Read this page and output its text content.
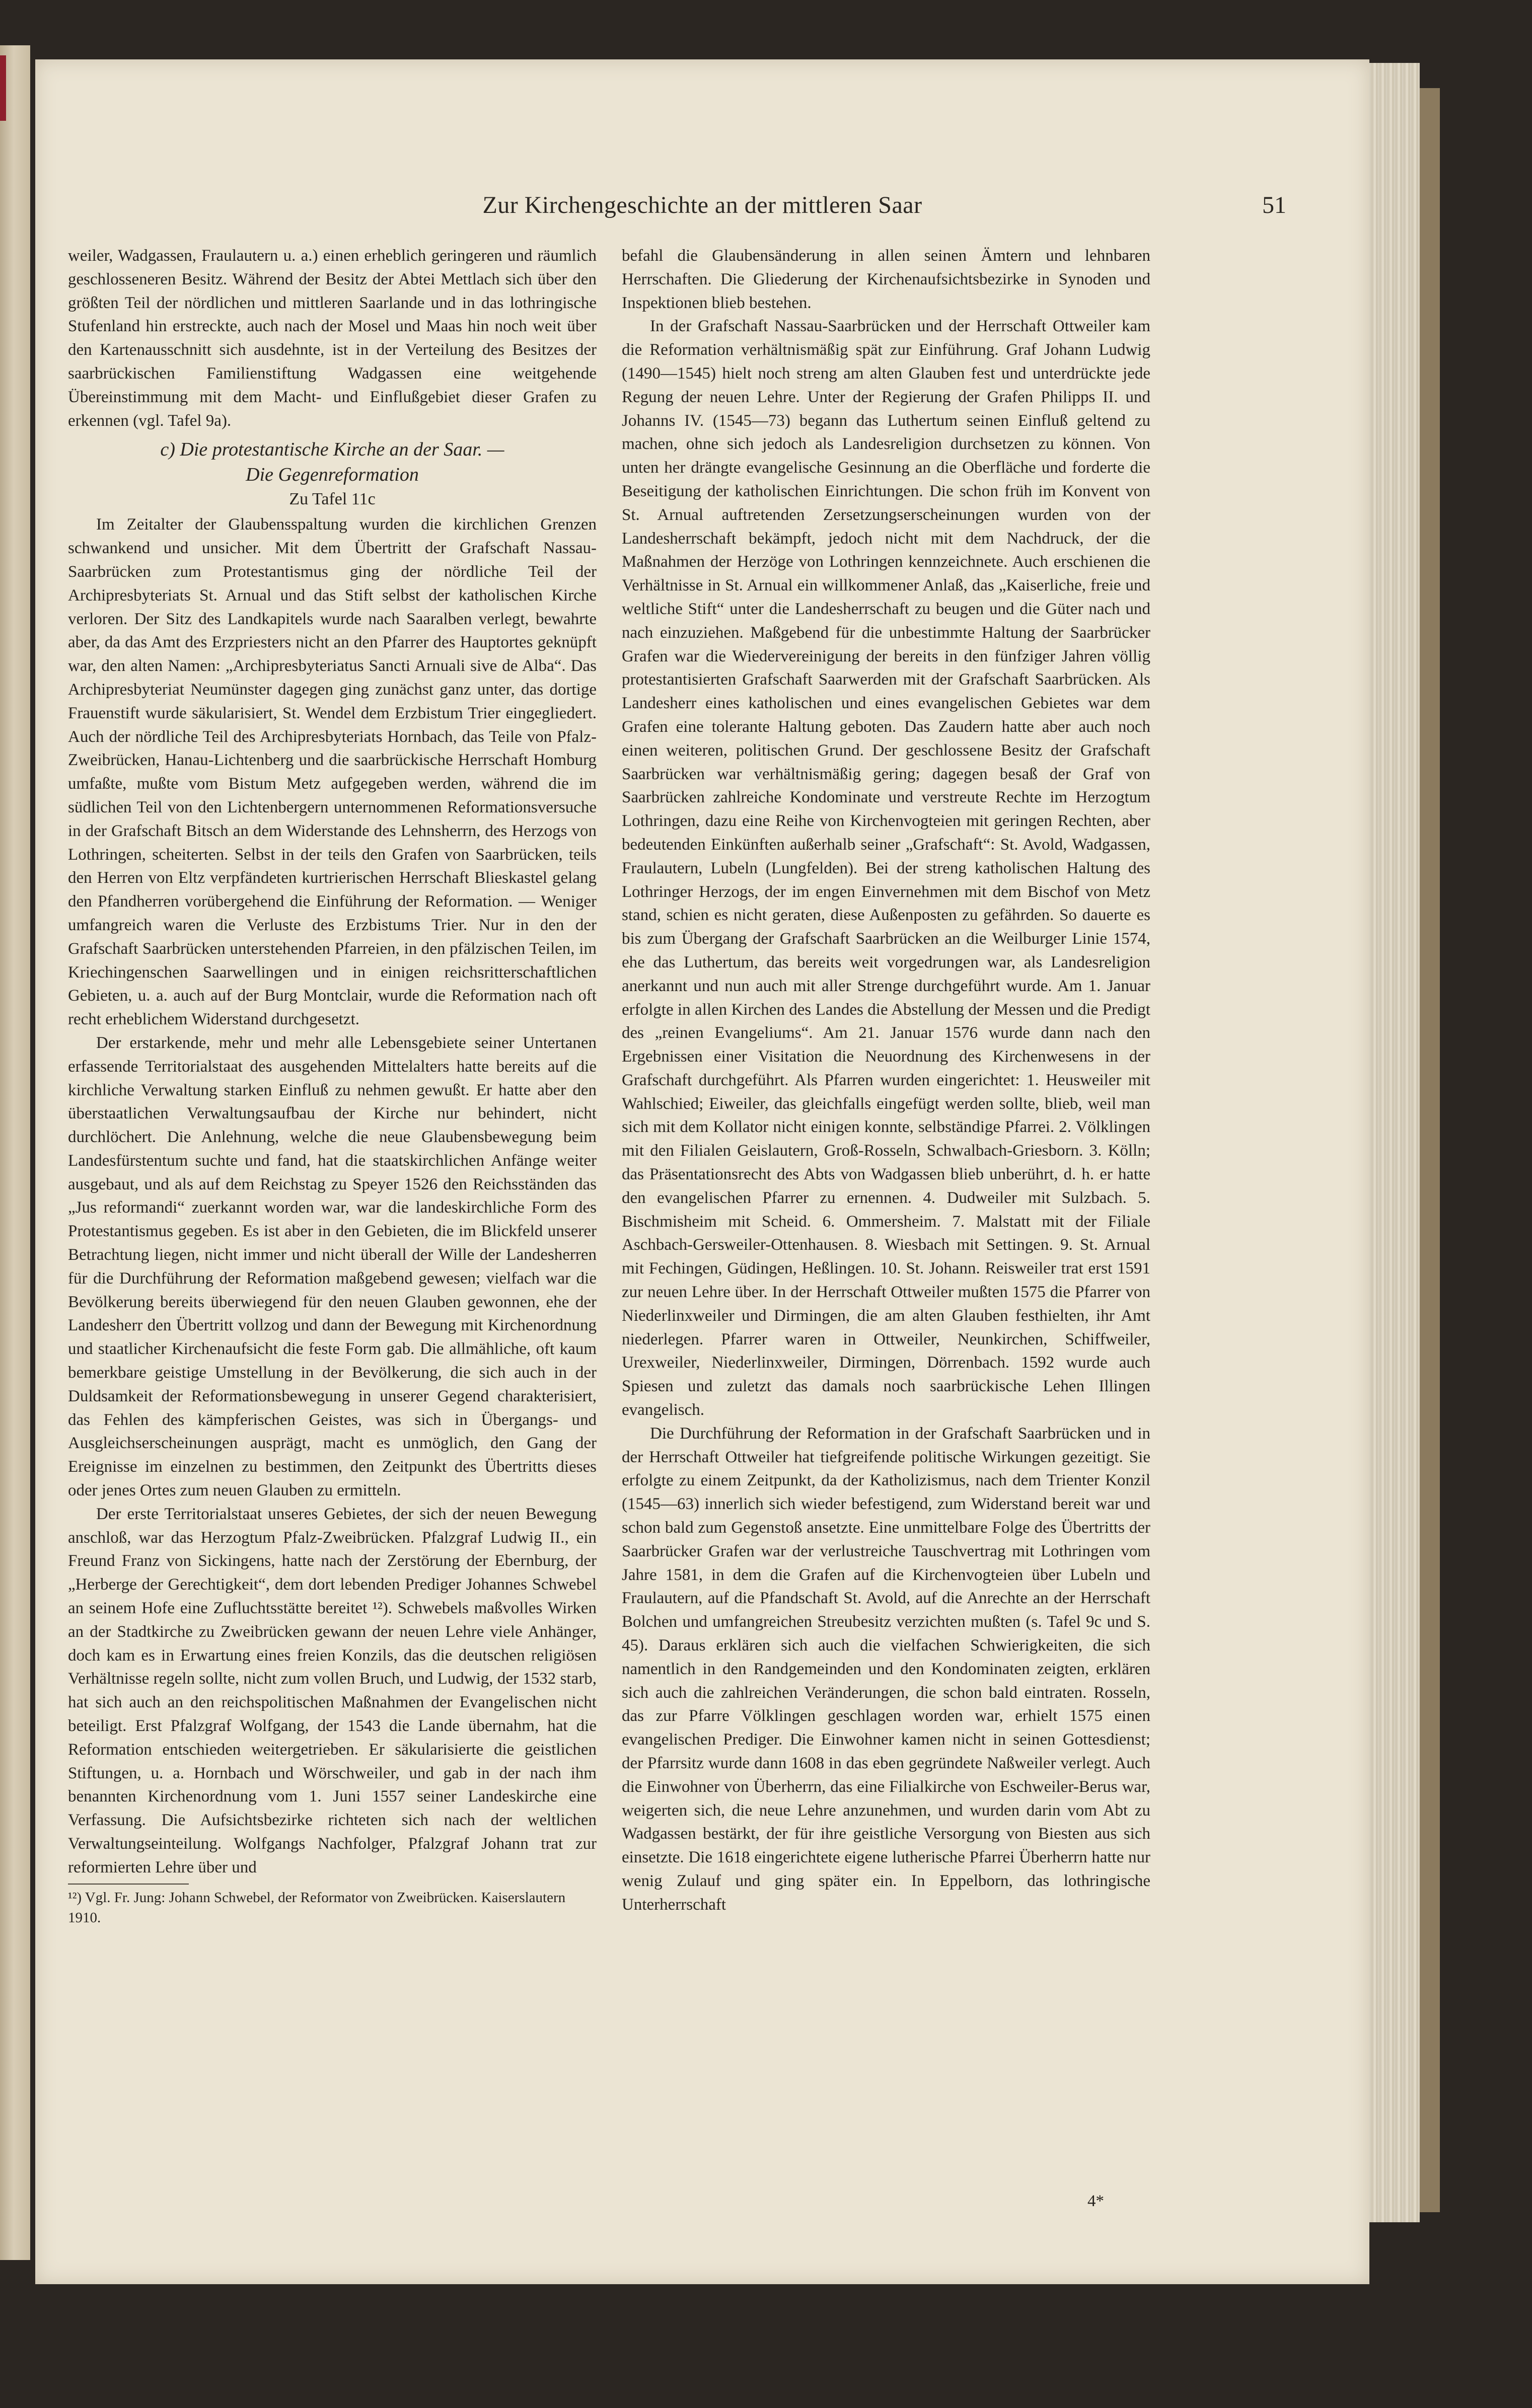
Zur Kirchengeschichte an der mittleren Saar	51

weiler, Wadgassen, Fraulautern u. a.) einen erheblich geringeren und räumlich geschlosseneren Besitz. Während der Besitz der Abtei Mettlach sich über den größten Teil der nördlichen und mittleren Saarlande und in das lothringische Stufenland hin erstreckte, auch nach der Mosel und Maas hin noch weit über den Kartenausschnitt sich ausdehnte, ist in der Verteilung des Besitzes der saarbrückischen Familienstiftung Wadgassen eine weitgehende Übereinstimmung mit dem Macht- und Einflußgebiet dieser Grafen zu erkennen (vgl. Tafel 9a).

c) Die protestantische Kirche an der Saar. —
Die Gegenreformation
Zu Tafel 11c

Im Zeitalter der Glaubensspaltung wurden die kirchlichen Grenzen schwankend und unsicher. Mit dem Übertritt der Grafschaft Nassau-Saarbrücken zum Protestantismus ging der nördliche Teil der Archipresbyteriats St. Arnual und das Stift selbst der katholischen Kirche verloren. Der Sitz des Landkapitels wurde nach Saaralben verlegt, bewahrte aber, da das Amt des Erzpriesters nicht an den Pfarrer des Hauptortes geknüpft war, den alten Namen: „Archipresbyteriatus Sancti Arnuali sive de Alba“. Das Archipresbyteriat Neumünster dagegen ging zunächst ganz unter, das dortige Frauenstift wurde säkularisiert, St. Wendel dem Erzbistum Trier eingegliedert. Auch der nördliche Teil des Archipresbyteriats Hornbach, das Teile von Pfalz-Zweibrücken, Hanau-Lichtenberg und die saarbrückische Herrschaft Homburg umfaßte, mußte vom Bistum Metz aufgegeben werden, während die im südlichen Teil von den Lichtenbergern unternommenen Reformationsversuche in der Grafschaft Bitsch an dem Widerstande des Lehnsherrn, des Herzogs von Lothringen, scheiterten. Selbst in der teils den Grafen von Saarbrücken, teils den Herren von Eltz verpfändeten kurtrierischen Herrschaft Blieskastel gelang den Pfandherren vorübergehend die Einführung der Reformation. — Weniger umfangreich waren die Verluste des Erzbistums Trier. Nur in den der Grafschaft Saarbrücken unterstehenden Pfarreien, in den pfälzischen Teilen, im Kriechingenschen Saarwellingen und in einigen reichsritterschaftlichen Gebieten, u. a. auch auf der Burg Montclair, wurde die Reformation nach oft recht erheblichem Widerstand durchgesetzt.

Der erstarkende, mehr und mehr alle Lebensgebiete seiner Untertanen erfassende Territorialstaat des ausgehenden Mittelalters hatte bereits auf die kirchliche Verwaltung starken Einfluß zu nehmen gewußt. Er hatte aber den überstaatlichen Verwaltungsaufbau der Kirche nur behindert, nicht durchlöchert. Die Anlehnung, welche die neue Glaubensbewegung beim Landesfürstentum suchte und fand, hat die staatskirchlichen Anfänge weiter ausgebaut, und als auf dem Reichstag zu Speyer 1526 den Reichsständen das „Jus reformandi“ zuerkannt worden war, war die landeskirchliche Form des Protestantismus gegeben. Es ist aber in den Gebieten, die im Blickfeld unserer Betrachtung liegen, nicht immer und nicht überall der Wille der Landesherren für die Durchführung der Reformation maßgebend gewesen; vielfach war die Bevölkerung bereits überwiegend für den neuen Glauben gewonnen, ehe der Landesherr den Übertritt vollzog und dann der Bewegung mit Kirchenordnung und staatlicher Kirchenaufsicht die feste Form gab. Die allmähliche, oft kaum bemerkbare geistige Umstellung in der Bevölkerung, die sich auch in der Duldsamkeit der Reformationsbewegung in unserer Gegend charakterisiert, das Fehlen des kämpferischen Geistes, was sich in Übergangs- und Ausgleichserscheinungen ausprägt, macht es unmöglich, den Gang der Ereignisse im einzelnen zu bestimmen, den Zeitpunkt des Übertritts dieses oder jenes Ortes zum neuen Glauben zu ermitteln.

Der erste Territorialstaat unseres Gebietes, der sich der neuen Bewegung anschloß, war das Herzogtum Pfalz-Zweibrücken. Pfalzgraf Ludwig II., ein Freund Franz von Sickingens, hatte nach der Zerstörung der Ebernburg, der „Herberge der Gerechtigkeit“, dem dort lebenden Prediger Johannes Schwebel an seinem Hofe eine Zufluchtsstätte bereitet ¹²). Schwebels maßvolles Wirken an der Stadtkirche zu Zweibrücken gewann der neuen Lehre viele Anhänger, doch kam es in Erwartung eines freien Konzils, das die deutschen religiösen Verhältnisse regeln sollte, nicht zum vollen Bruch, und Ludwig, der 1532 starb, hat sich auch an den reichspolitischen Maßnahmen der Evangelischen nicht beteiligt. Erst Pfalzgraf Wolfgang, der 1543 die Lande übernahm, hat die Reformation entschieden weitergetrieben. Er säkularisierte die geistlichen Stiftungen, u. a. Hornbach und Wörschweiler, und gab in der nach ihm benannten Kirchenordnung vom 1. Juni 1557 seiner Landeskirche eine Verfassung. Die Aufsichtsbezirke richteten sich nach der weltlichen Verwaltungseinteilung. Wolfgangs Nachfolger, Pfalzgraf Johann trat zur reformierten Lehre über und

¹²) Vgl. Fr. Jung: Johann Schwebel, der Reformator von Zweibrücken. Kaiserslautern 1910.

befahl die Glaubensänderung in allen seinen Ämtern und lehnbaren Herrschaften. Die Gliederung der Kirchenaufsichtsbezirke in Synoden und Inspektionen blieb bestehen.

In der Grafschaft Nassau-Saarbrücken und der Herrschaft Ottweiler kam die Reformation verhältnismäßig spät zur Einführung. Graf Johann Ludwig (1490—1545) hielt noch streng am alten Glauben fest und unterdrückte jede Regung der neuen Lehre. Unter der Regierung der Grafen Philipps II. und Johanns IV. (1545—73) begann das Luthertum seinen Einfluß geltend zu machen, ohne sich jedoch als Landesreligion durchsetzen zu können. Von unten her drängte evangelische Gesinnung an die Oberfläche und forderte die Beseitigung der katholischen Einrichtungen. Die schon früh im Konvent von St. Arnual auftretenden Zersetzungserscheinungen wurden von der Landesherrschaft bekämpft, jedoch nicht mit dem Nachdruck, der die Maßnahmen der Herzöge von Lothringen kennzeichnete. Auch erschienen die Verhältnisse in St. Arnual ein willkommener Anlaß, das „Kaiserliche, freie und weltliche Stift“ unter die Landesherrschaft zu beugen und die Güter nach und nach einzuziehen. Maßgebend für die unbestimmte Haltung der Saarbrücker Grafen war die Wiedervereinigung der bereits in den fünfziger Jahren völlig protestantisierten Grafschaft Saarwerden mit der Grafschaft Saarbrücken. Als Landesherr eines katholischen und eines evangelischen Gebietes war dem Grafen eine tolerante Haltung geboten. Das Zaudern hatte aber auch noch einen weiteren, politischen Grund. Der geschlossene Besitz der Grafschaft Saarbrücken war verhältnismäßig gering; dagegen besaß der Graf von Saarbrücken zahlreiche Kondominate und verstreute Rechte im Herzogtum Lothringen, dazu eine Reihe von Kirchenvogteien mit geringen Rechten, aber bedeutenden Einkünften außerhalb seiner „Grafschaft“: St. Avold, Wadgassen, Fraulautern, Lubeln (Lungfelden). Bei der streng katholischen Haltung des Lothringer Herzogs, der im engen Einvernehmen mit dem Bischof von Metz stand, schien es nicht geraten, diese Außenposten zu gefährden. So dauerte es bis zum Übergang der Grafschaft Saarbrücken an die Weilburger Linie 1574, ehe das Luthertum, das bereits weit vorgedrungen war, als Landesreligion anerkannt und nun auch mit aller Strenge durchgeführt wurde. Am 1. Januar erfolgte in allen Kirchen des Landes die Abstellung der Messen und die Predigt des „reinen Evangeliums“. Am 21. Januar 1576 wurde dann nach den Ergebnissen einer Visitation die Neuordnung des Kirchenwesens in der Grafschaft durchgeführt. Als Pfarren wurden eingerichtet: 1. Heusweiler mit Wahlschied; Eiweiler, das gleichfalls eingefügt werden sollte, blieb, weil man sich mit dem Kollator nicht einigen konnte, selbständige Pfarrei. 2. Völklingen mit den Filialen Geislautern, Groß-Rosseln, Schwalbach-Griesborn. 3. Kölln; das Präsentationsrecht des Abts von Wadgassen blieb unberührt, d. h. er hatte den evangelischen Pfarrer zu ernennen. 4. Dudweiler mit Sulzbach. 5. Bischmisheim mit Scheid. 6. Ommersheim. 7. Malstatt mit der Filiale Aschbach-Gersweiler-Ottenhausen. 8. Wiesbach mit Settingen. 9. St. Arnual mit Fechingen, Güdingen, Heßlingen. 10. St. Johann. Reisweiler trat erst 1591 zur neuen Lehre über. In der Herrschaft Ottweiler mußten 1575 die Pfarrer von Niederlinxweiler und Dirmingen, die am alten Glauben festhielten, ihr Amt niederlegen. Pfarrer waren in Ottweiler, Neunkirchen, Schiffweiler, Urexweiler, Niederlinxweiler, Dirmingen, Dörrenbach. 1592 wurde auch Spiesen und zuletzt das damals noch saarbrückische Lehen Illingen evangelisch.

Die Durchführung der Reformation in der Grafschaft Saarbrücken und in der Herrschaft Ottweiler hat tiefgreifende politische Wirkungen gezeitigt. Sie erfolgte zu einem Zeitpunkt, da der Katholizismus, nach dem Trienter Konzil (1545—63) innerlich sich wieder befestigend, zum Widerstand bereit war und schon bald zum Gegenstoß ansetzte. Eine unmittelbare Folge des Übertritts der Saarbrücker Grafen war der verlustreiche Tauschvertrag mit Lothringen vom Jahre 1581, in dem die Grafen auf die Kirchenvogteien über Lubeln und Fraulautern, auf die Pfandschaft St. Avold, auf die Anrechte an der Herrschaft Bolchen und umfangreichen Streubesitz verzichten mußten (s. Tafel 9c und S. 45). Daraus erklären sich auch die vielfachen Schwierigkeiten, die sich namentlich in den Randgemeinden und den Kondominaten zeigten, erklären sich auch die zahlreichen Veränderungen, die schon bald eintraten. Rosseln, das zur Pfarre Völklingen geschlagen worden war, erhielt 1575 einen evangelischen Prediger. Die Einwohner kamen nicht in seinen Gottesdienst; der Pfarrsitz wurde dann 1608 in das eben gegründete Naßweiler verlegt. Auch die Einwohner von Überherrn, das eine Filialkirche von Eschweiler-Berus war, weigerten sich, die neue Lehre anzunehmen, und wurden darin vom Abt zu Wadgassen bestärkt, der für ihre geistliche Versorgung von Biesten aus sich einsetzte. Die 1618 eingerichtete eigene lutherische Pfarrei Überherrn hatte nur wenig Zulauf und ging später ein. In Eppelborn, das lothringische Unterherrschaft

4*
